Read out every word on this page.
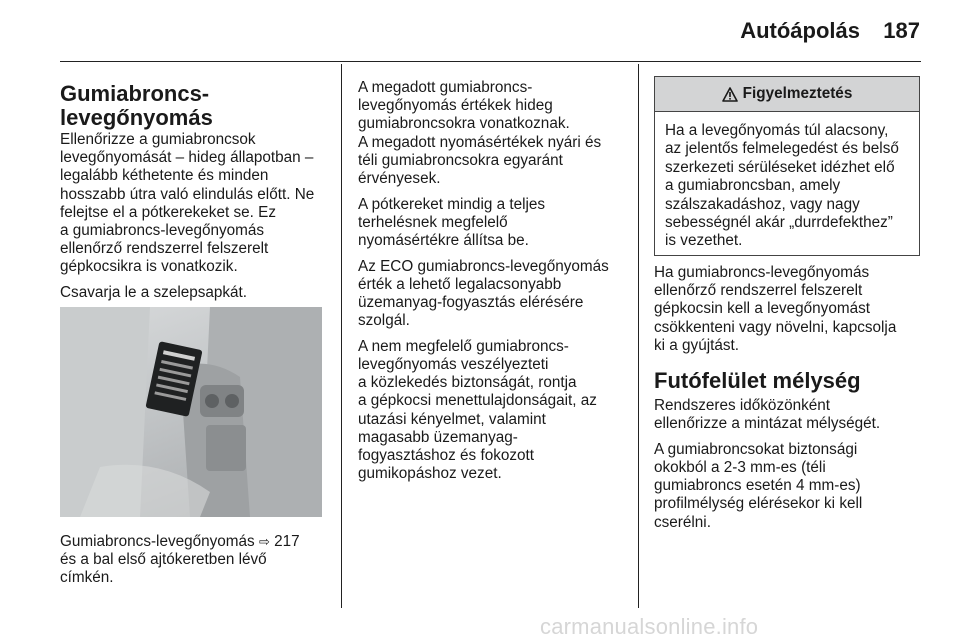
Autóápolás	187
Gumiabroncs-
levegőnyomás

Ellenőrizze a gumiabroncsok
levegőnyomását – hideg állapotban –
legalább kéthetente és minden
hosszabb útra való elindulás előtt. Ne
felejtse el a pótkerekeket se. Ez
a gumiabroncs-levegőnyomás
ellenőrző rendszerrel felszerelt
gépkocsikra is vonatkozik.

Csavarja le a szelepsapkát.

Gumiabroncs-levegőnyomás ⇨ 217
és a bal első ajtókeretben lévő
címkén.

A megadott gumiabroncs-
levegőnyomás értékek hideg
gumiabroncsokra vonatkoznak.
A megadott nyomásértékek nyári és
téli gumiabroncsokra egyaránt
érvényesek.

A pótkereket mindig a teljes
terhelésnek megfelelő
nyomásértékre állítsa be.

Az ECO gumiabroncs-levegőnyomás
érték a lehető legalacsonyabb
üzemanyag-fogyasztás elérésére
szolgál.

A nem megfelelő gumiabroncs-
levegőnyomás veszélyezteti
a közlekedés biztonságát, rontja
a gépkocsi menettulajdonságait, az
utazási kényelmet, valamint
magasabb üzemanyag-
fogyasztáshoz és fokozott
gumikopáshoz vezet.

Figyelmeztetés
Ha a levegőnyomás túl alacsony,
az jelentős felmelegedést és belső
szerkezeti sérüléseket idézhet elő
a gumiabroncsban, amely
szálszakadáshoz, vagy nagy
sebességnél akár „durrdefekthez”
is vezethet.

Ha gumiabroncs-levegőnyomás
ellenőrző rendszerrel felszerelt
gépkocsin kell a levegőnyomást
csökkenteni vagy növelni, kapcsolja
ki a gyújtást.

Futófelület mélység

Rendszeres időközönként
ellenőrizze a mintázat mélységét.

A gumiabroncsokat biztonsági
okokból a 2-3 mm-es (téli
gumiabroncs esetén 4 mm-es)
profilmélység elérésekor ki kell
cserélni.

carmanualsonline.info
